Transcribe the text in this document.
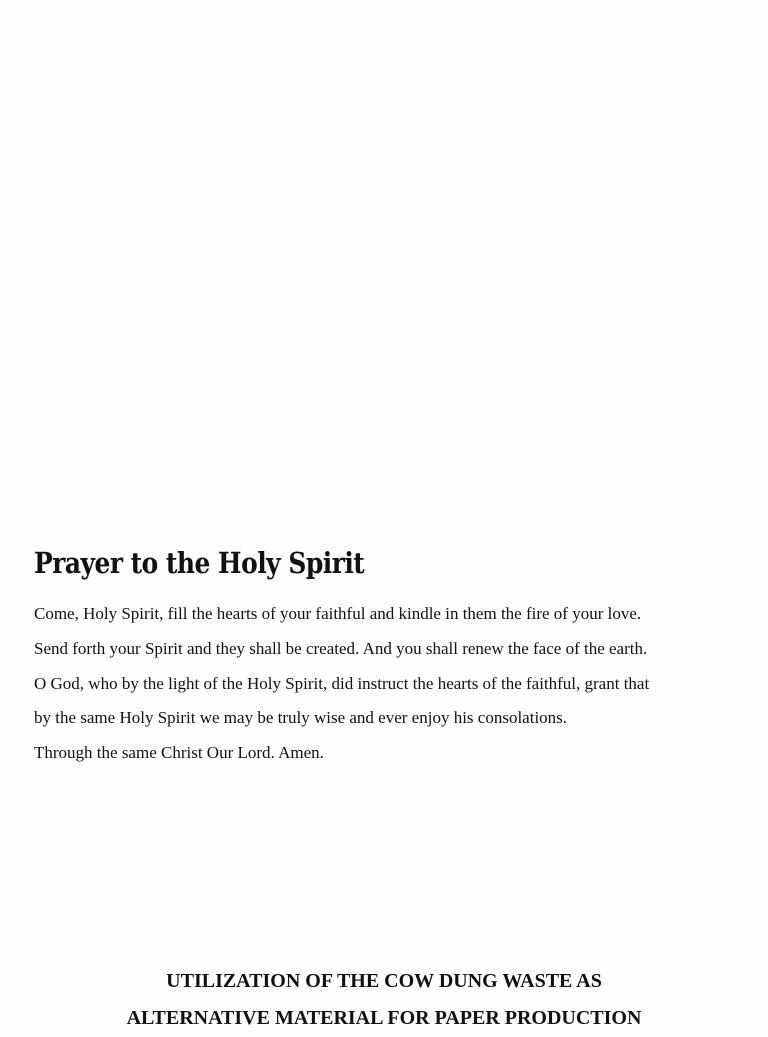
Prayer to the Holy Spirit

Come, Holy Spirit, fill the hearts of your faithful and kindle in them the fire of your love.

Send forth your Spirit and they shall be created. And you shall renew the face of the earth.

O God, who by the light of the Holy Spirit, did instruct the hearts of the faithful, grant that

by the same Holy Spirit we may be truly wise and ever enjoy his consolations.

Through the same Christ Our Lord. Amen.

UTILIZATION OF THE COW DUNG WASTE AS
ALTERNATIVE MATERIAL FOR PAPER PRODUCTION
